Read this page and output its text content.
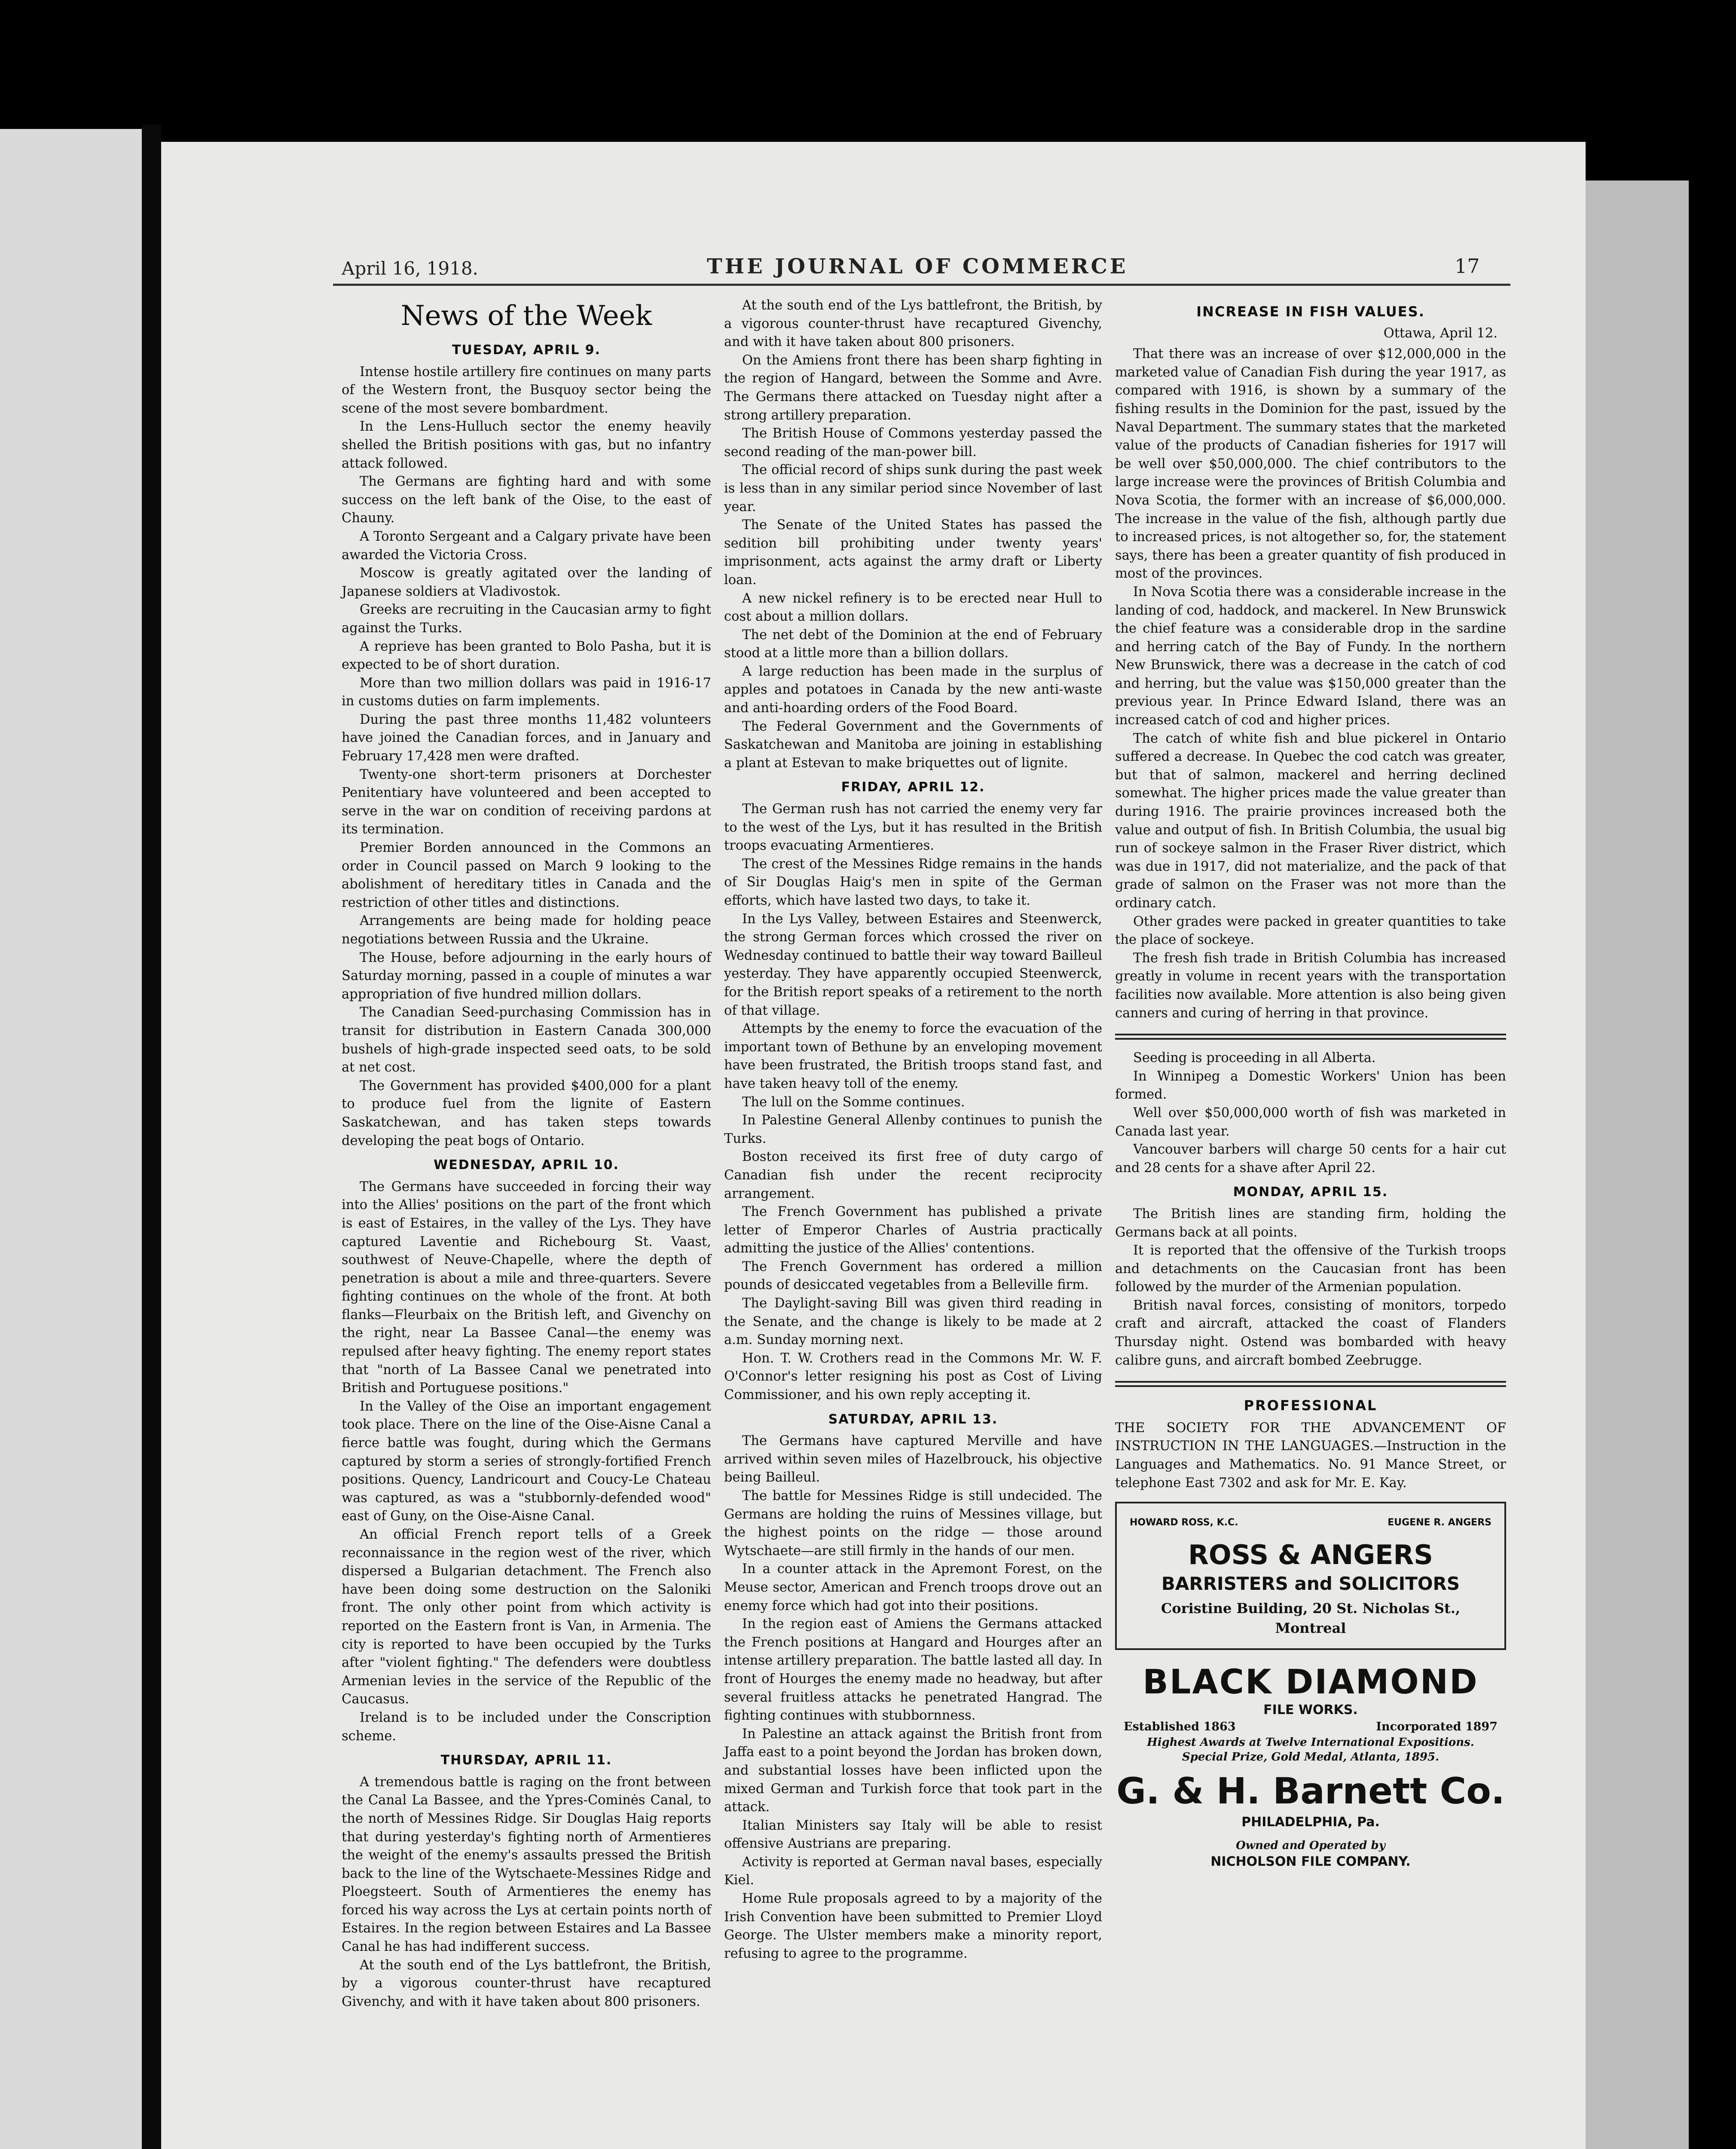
April 16, 1918.	THE JOURNAL OF COMMERCE	17
News of the Week
TUESDAY, APRIL 9.

Intense hostile artillery fire continues on many parts of the Western front, the Busquoy sector being the scene of the most severe bombardment.

In the Lens-Hulluch sector the enemy heavily shelled the British positions with gas, but no infantry attack followed.

The Germans are fighting hard and with some success on the left bank of the Oise, to the east of Chauny.

A Toronto Sergeant and a Calgary private have been awarded the Victoria Cross.

Moscow is greatly agitated over the landing of Japanese soldiers at Vladivostok.

Greeks are recruiting in the Caucasian army to fight against the Turks.

A reprieve has been granted to Bolo Pasha, but it is expected to be of short duration.

More than two million dollars was paid in 1916-17 in customs duties on farm implements.

During the past three months 11,482 volunteers have joined the Canadian forces, and in January and February 17,428 men were drafted.

Twenty-one short-term prisoners at Dorchester Penitentiary have volunteered and been accepted to serve in the war on condition of receiving pardons at its termination.

Premier Borden announced in the Commons an order in Council passed on March 9 looking to the abolishment of hereditary titles in Canada and the restriction of other titles and distinctions.

Arrangements are being made for holding peace negotiations between Russia and the Ukraine.

The House, before adjourning in the early hours of Saturday morning, passed in a couple of minutes a war appropriation of five hundred million dollars.

The Canadian Seed-purchasing Commission has in transit for distribution in Eastern Canada 300,000 bushels of high-grade inspected seed oats, to be sold at net cost.

The Government has provided $400,000 for a plant to produce fuel from the lignite of Eastern Saskatchewan, and has taken steps towards developing the peat bogs of Ontario.

WEDNESDAY, APRIL 10.

The Germans have succeeded in forcing their way into the Allies' positions on the part of the front which is east of Estaires, in the valley of the Lys. They have captured Laventie and Richebourg St. Vaast, southwest of Neuve-Chapelle, where the depth of penetration is about a mile and three-quarters. Severe fighting continues on the whole of the front. At both flanks—Fleurbaix on the British left, and Givenchy on the right, near La Bassee Canal—the enemy was repulsed after heavy fighting. The enemy report states that "north of La Bassee Canal we penetrated into British and Portuguese positions."

In the Valley of the Oise an important engagement took place. There on the line of the Oise-Aisne Canal a fierce battle was fought, during which the Germans captured by storm a series of strongly-fortified French positions. Quency, Landricourt and Coucy-Le Chateau was captured, as was a "stubbornly-defended wood" east of Guny, on the Oise-Aisne Canal.

An official French report tells of a Greek reconnaissance in the region west of the river, which dispersed a Bulgarian detachment. The French also have been doing some destruction on the Saloniki front. The only other point from which activity is reported on the Eastern front is Van, in Armenia. The city is reported to have been occupied by the Turks after "violent fighting." The defenders were doubtless Armenian levies in the service of the Republic of the Caucasus.

Ireland is to be included under the Conscription scheme.

THURSDAY, APRIL 11.

A tremendous battle is raging on the front between the Canal La Bassee, and the Ypres-Cominės Canal, to the north of Messines Ridge. Sir Douglas Haig reports that during yesterday's fighting north of Armentieres the weight of the enemy's assaults pressed the British back to the line of the Wytschaete-Messines Ridge and Ploegsteert. South of Armentieres the enemy has forced his way across the Lys at certain points north of Estaires. In the region between Estaires and La Bassee Canal he has had indifferent success.

At the south end of the Lys battlefront, the British, by a vigorous counter-thrust have recaptured Givenchy, and with it have taken about 800 prisoners.

At the south end of the Lys battlefront, the British, by a vigorous counter-thrust have recaptured Givenchy, and with it have taken about 800 prisoners.

On the Amiens front there has been sharp fighting in the region of Hangard, between the Somme and Avre. The Germans there attacked on Tuesday night after a strong artillery preparation.

The British House of Commons yesterday passed the second reading of the man-power bill.

The official record of ships sunk during the past week is less than in any similar period since November of last year.

The Senate of the United States has passed the sedition bill prohibiting under twenty years' imprisonment, acts against the army draft or Liberty loan.

A new nickel refinery is to be erected near Hull to cost about a million dollars.

The net debt of the Dominion at the end of February stood at a little more than a billion dollars.

A large reduction has been made in the surplus of apples and potatoes in Canada by the new anti-waste and anti-hoarding orders of the Food Board.

The Federal Government and the Governments of Saskatchewan and Manitoba are joining in establishing a plant at Estevan to make briquettes out of lignite.

FRIDAY, APRIL 12.

The German rush has not carried the enemy very far to the west of the Lys, but it has resulted in the British troops evacuating Armentieres.

The crest of the Messines Ridge remains in the hands of Sir Douglas Haig's men in spite of the German efforts, which have lasted two days, to take it.

In the Lys Valley, between Estaires and Steenwerck, the strong German forces which crossed the river on Wednesday continued to battle their way toward Bailleul yesterday. They have apparently occupied Steenwerck, for the British report speaks of a retirement to the north of that village.

Attempts by the enemy to force the evacuation of the important town of Bethune by an enveloping movement have been frustrated, the British troops stand fast, and have taken heavy toll of the enemy.

The lull on the Somme continues.

In Palestine General Allenby continues to punish the Turks.

Boston received its first free of duty cargo of Canadian fish under the recent reciprocity arrangement.

The French Government has published a private letter of Emperor Charles of Austria practically admitting the justice of the Allies' contentions.

The French Government has ordered a million pounds of desiccated vegetables from a Belleville firm.

The Daylight-saving Bill was given third reading in the Senate, and the change is likely to be made at 2 a.m. Sunday morning next.

Hon. T. W. Crothers read in the Commons Mr. W. F. O'Connor's letter resigning his post as Cost of Living Commissioner, and his own reply accepting it.

SATURDAY, APRIL 13.

The Germans have captured Merville and have arrived within seven miles of Hazelbrouck, his objective being Bailleul.

The battle for Messines Ridge is still undecided. The Germans are holding the ruins of Messines village, but the highest points on the ridge — those around Wytschaete—are still firmly in the hands of our men.

In a counter attack in the Apremont Forest, on the Meuse sector, American and French troops drove out an enemy force which had got into their positions.

In the region east of Amiens the Germans attacked the French positions at Hangard and Hourges after an intense artillery preparation. The battle lasted all day. In front of Hourges the enemy made no headway, but after several fruitless attacks he penetrated Hangrad. The fighting continues with stubbornness.

In Palestine an attack against the British front from Jaffa east to a point beyond the Jordan has broken down, and substantial losses have been inflicted upon the mixed German and Turkish force that took part in the attack.

Italian Ministers say Italy will be able to resist offensive Austrians are preparing.

Activity is reported at German naval bases, especially Kiel.

Home Rule proposals agreed to by a majority of the Irish Convention have been submitted to Premier Lloyd George. The Ulster members make a minority report, refusing to agree to the programme.

INCREASE IN FISH VALUES.
Ottawa, April 12.

That there was an increase of over $12,000,000 in the marketed value of Canadian Fish during the year 1917, as compared with 1916, is shown by a summary of the fishing results in the Dominion for the past, issued by the Naval Department. The summary states that the marketed value of the products of Canadian fisheries for 1917 will be well over $50,000,000. The chief contributors to the large increase were the provinces of British Columbia and Nova Scotia, the former with an increase of $6,000,000. The increase in the value of the fish, although partly due to increased prices, is not altogether so, for, the statement says, there has been a greater quantity of fish produced in most of the provinces.

In Nova Scotia there was a considerable increase in the landing of cod, haddock, and mackerel. In New Brunswick the chief feature was a considerable drop in the sardine and herring catch of the Bay of Fundy. In the northern New Brunswick, there was a decrease in the catch of cod and herring, but the value was $150,000 greater than the previous year. In Prince Edward Island, there was an increased catch of cod and higher prices.

The catch of white fish and blue pickerel in Ontario suffered a decrease. In Quebec the cod catch was greater, but that of salmon, mackerel and herring declined somewhat. The higher prices made the value greater than during 1916. The prairie provinces increased both the value and output of fish. In British Columbia, the usual big run of sockeye salmon in the Fraser River district, which was due in 1917, did not materialize, and the pack of that grade of salmon on the Fraser was not more than the ordinary catch.

Other grades were packed in greater quantities to take the place of sockeye.

The fresh fish trade in British Columbia has increased greatly in volume in recent years with the transportation facilities now available. More attention is also being given canners and curing of herring in that province.

Seeding is proceeding in all Alberta.

In Winnipeg a Domestic Workers' Union has been formed.

Well over $50,000,000 worth of fish was marketed in Canada last year.

Vancouver barbers will charge 50 cents for a hair cut and 28 cents for a shave after April 22.

MONDAY, APRIL 15.

The British lines are standing firm, holding the Germans back at all points.

It is reported that the offensive of the Turkish troops and detachments on the Caucasian front has been followed by the murder of the Armenian population.

British naval forces, consisting of monitors, torpedo craft and aircraft, attacked the coast of Flanders Thursday night. Ostend was bombarded with heavy calibre guns, and aircraft bombed Zeebrugge.

PROFESSIONAL

THE SOCIETY FOR THE ADVANCEMENT OF INSTRUCTION IN THE LANGUAGES.—Instruction in the Languages and Mathematics. No. 91 Mance Street, or telephone East 7302 and ask for Mr. E. Kay.

HOWARD ROSS, K.C.	EUGENE R. ANGERS
ROSS & ANGERS
BARRISTERS and SOLICITORS
Coristine Building, 20 St. Nicholas St., Montreal
BLACK DIAMOND
FILE WORKS.
Established 1863	Incorporated 1897
Highest Awards at Twelve International Expositions.
Special Prize, Gold Medal, Atlanta, 1895.
G. & H. Barnett Co.
PHILADELPHIA, Pa.
Owned and Operated by
NICHOLSON FILE COMPANY.
